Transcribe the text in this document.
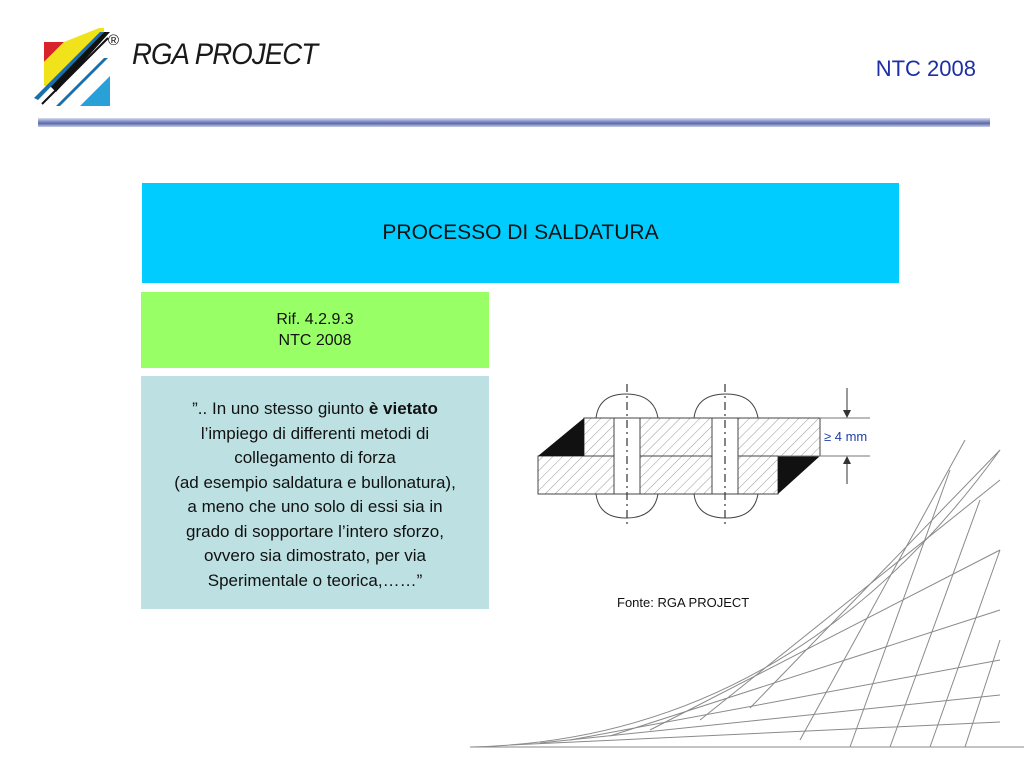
® RGA PROJECT	NTC 2008
PROCESSO DI SALDATURA
Rif. 4.2.9.3
NTC 2008
”.. In uno stesso giunto è vietato
l’impiego di differenti metodi di
collegamento di forza
(ad esempio saldatura e bullonatura),
a meno che uno solo di essi sia in
grado di sopportare l’intero sforzo,
ovvero sia dimostrato, per via
Sperimentale o teorica,……”
≥ 4 mm
Fonte: RGA PROJECT
